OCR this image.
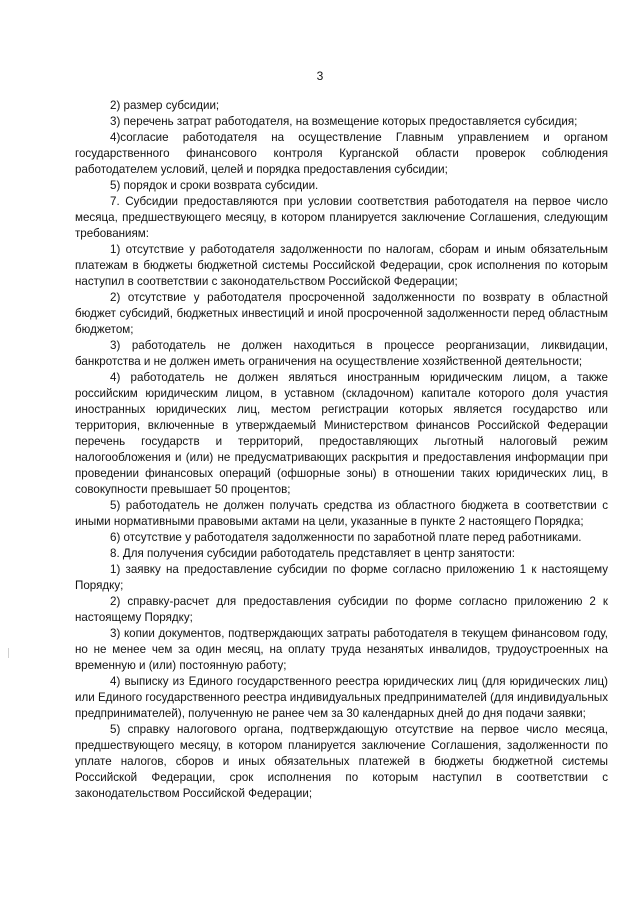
3

2) размер субсидии;

3) перечень затрат работодателя, на возмещение которых предоставляется субсидия;

4)согласие работодателя на осуществление Главным управлением и органом государственного финансового контроля Курганской области проверок соблюдения работодателем условий, целей и порядка предоставления субсидии;

5) порядок и сроки возврата субсидии.

7. Субсидии предоставляются при условии соответствия работодателя на первое число месяца, предшествующего месяцу, в котором планируется заключение Соглашения, следующим требованиям:

1) отсутствие у работодателя задолженности по налогам, сборам и иным обязательным платежам в бюджеты бюджетной системы Российской Федерации, срок исполнения по которым наступил в соответствии с законодательством Российской Федерации;

2) отсутствие у работодателя просроченной задолженности по возврату в областной бюджет субсидий, бюджетных инвестиций и иной просроченной задолженности перед областным бюджетом;

3) работодатель не должен находиться в процессе реорганизации, ликвидации, банкротства и не должен иметь ограничения на осуществление хозяйственной деятельности;

4) работодатель не должен являться иностранным юридическим лицом, а также российским юридическим лицом, в уставном (складочном) капитале которого доля участия иностранных юридических лиц, местом регистрации которых является государство или территория, включенные в утверждаемый Министерством финансов Российской Федерации перечень государств и территорий, предоставляющих льготный налоговый режим налогообложения и (или) не предусматривающих раскрытия и предоставления информации при проведении финансовых операций (офшорные зоны) в отношении таких юридических лиц, в совокупности превышает 50 процентов;

5) работодатель не должен получать средства из областного бюджета в соответствии с иными нормативными правовыми актами на цели, указанные в пункте 2 настоящего Порядка;

6) отсутствие у работодателя задолженности по заработной плате перед работниками.

8. Для получения субсидии работодатель представляет в центр занятости:

1) заявку на предоставление субсидии по форме согласно приложению 1 к настоящему Порядку;

2) справку-расчет для предоставления субсидии по форме согласно приложению 2 к настоящему Порядку;

3) копии документов, подтверждающих затраты работодателя в текущем финансовом году, но не менее чем за один месяц, на оплату труда незанятых инвалидов, трудоустроенных на временную и (или) постоянную работу;

4) выписку из Единого государственного реестра юридических лиц (для юридических лиц) или Единого государственного реестра индивидуальных предпринимателей (для индивидуальных предпринимателей), полученную не ранее чем за 30 календарных дней до дня подачи заявки;

5) справку налогового органа, подтверждающую отсутствие на первое число месяца, предшествующего месяцу, в котором планируется заключение Соглашения, задолженности по уплате налогов, сборов и иных обязательных платежей в бюджеты бюджетной системы Российской Федерации, срок исполнения по которым наступил в соответствии с законодательством Российской Федерации;
